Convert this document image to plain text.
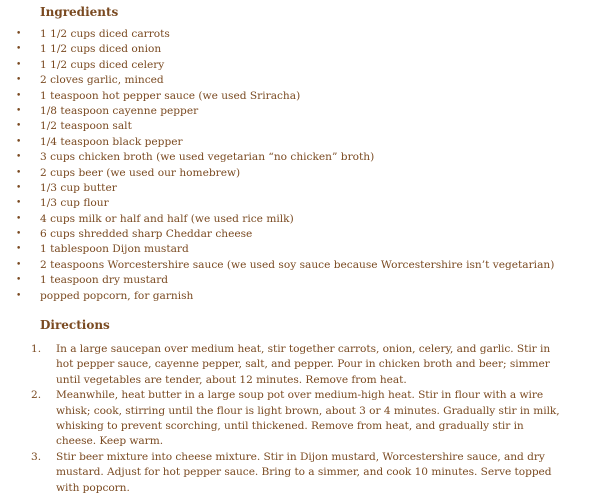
Ingredients
• 1 1/2 cups diced carrots
• 1 1/2 cups diced onion
• 1 1/2 cups diced celery
• 2 cloves garlic, minced
• 1 teaspoon hot pepper sauce (we used Sriracha)
• 1/8 teaspoon cayenne pepper
• 1/2 teaspoon salt
• 1/4 teaspoon black pepper
• 3 cups chicken broth (we used vegetarian “no chicken” broth)
• 2 cups beer (we used our homebrew)
• 1/3 cup butter
• 1/3 cup flour
• 4 cups milk or half and half (we used rice milk)
• 6 cups shredded sharp Cheddar cheese
• 1 tablespoon Dijon mustard
• 2 teaspoons Worcestershire sauce (we used soy sauce because Worcestershire isn’t vegetarian)
• 1 teaspoon dry mustard
• popped popcorn, for garnish
Directions
1. In a large saucepan over medium heat, stir together carrots, onion, celery, and garlic. Stir in hot pepper sauce, cayenne pepper, salt, and pepper. Pour in chicken broth and beer; simmer until vegetables are tender, about 12 minutes. Remove from heat.
2. Meanwhile, heat butter in a large soup pot over medium-high heat. Stir in flour with a wire whisk; cook, stirring until the flour is light brown, about 3 or 4 minutes. Gradually stir in milk, whisking to prevent scorching, until thickened. Remove from heat, and gradually stir in cheese. Keep warm.
3. Stir beer mixture into cheese mixture. Stir in Dijon mustard, Worcestershire sauce, and dry mustard. Adjust for hot pepper sauce. Bring to a simmer, and cook 10 minutes. Serve topped with popcorn.
